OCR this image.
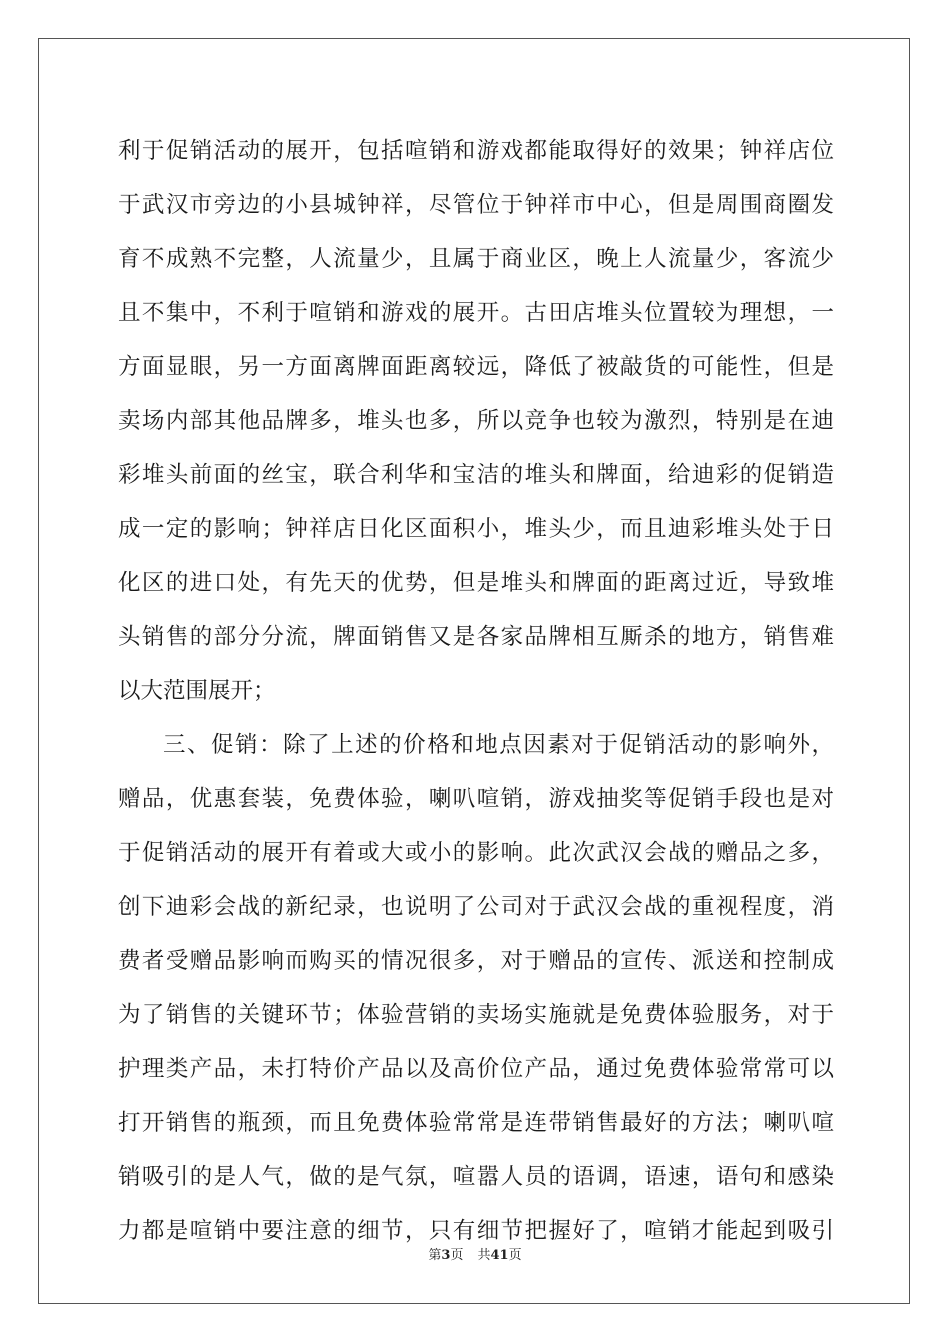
利于促销活动的展开，包括喧销和游戏都能取得好的效果；钟祥店位
于武汉市旁边的小县城钟祥，尽管位于钟祥市中心，但是周围商圈发
育不成熟不完整，人流量少，且属于商业区，晚上人流量少，客流少
且不集中，不利于喧销和游戏的展开。古田店堆头位置较为理想，一
方面显眼，另一方面离牌面距离较远，降低了被敲货的可能性，但是
卖场内部其他品牌多，堆头也多，所以竞争也较为激烈，特别是在迪
彩堆头前面的丝宝，联合利华和宝洁的堆头和牌面，给迪彩的促销造
成一定的影响；钟祥店日化区面积小，堆头少，而且迪彩堆头处于日
化区的进口处，有先天的优势，但是堆头和牌面的距离过近，导致堆
头销售的部分分流，牌面销售又是各家品牌相互厮杀的地方，销售难
以大范围展开；
三、促销：除了上述的价格和地点因素对于促销活动的影响外，
赠品，优惠套装，免费体验，喇叭喧销，游戏抽奖等促销手段也是对
于促销活动的展开有着或大或小的影响。此次武汉会战的赠品之多，
创下迪彩会战的新纪录，也说明了公司对于武汉会战的重视程度，消
费者受赠品影响而购买的情况很多，对于赠品的宣传、派送和控制成
为了销售的关键环节；体验营销的卖场实施就是免费体验服务，对于
护理类产品，未打特价产品以及高价位产品，通过免费体验常常可以
打开销售的瓶颈，而且免费体验常常是连带销售最好的方法；喇叭喧
销吸引的是人气，做的是气氛，喧嚣人员的语调，语速，语句和感染
力都是喧销中要注意的细节，只有细节把握好了，喧销才能起到吸引
第3页 共41页
